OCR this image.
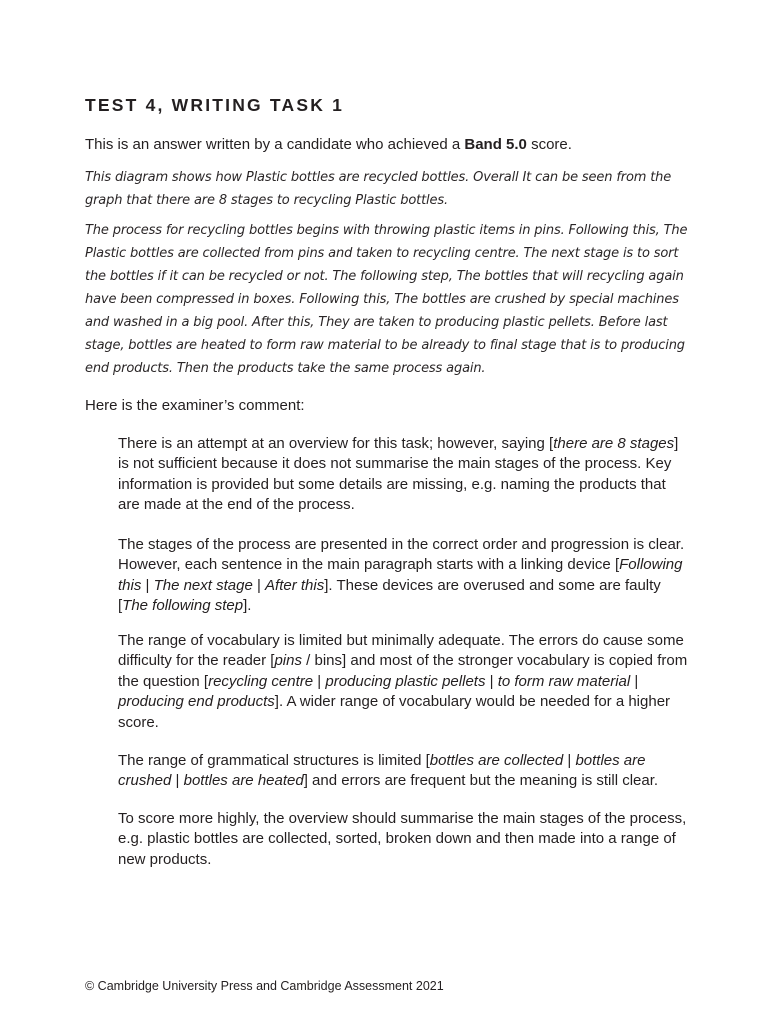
TEST 4, WRITING TASK 1

This is an answer written by a candidate who achieved a Band 5.0 score.

This diagram shows how Plastic bottles are recycled bottles. Overall It can be seen from the graph that there are 8 stages to recycling Plastic bottles.

The process for recycling bottles begins with throwing plastic items in pins. Following this, The Plastic bottles are collected from pins and taken to recycling centre. The next stage is to sort the bottles if it can be recycled or not. The following step, The bottles that will recycling again have been compressed in boxes. Following this, The bottles are crushed by special machines and washed in a big pool. After this, They are taken to producing plastic pellets. Before last stage, bottles are heated to form raw material to be already to final stage that is to producing end products. Then the products take the same process again.

Here is the examiner’s comment:

There is an attempt at an overview for this task; however, saying [there are 8 stages] is not sufficient because it does not summarise the main stages of the process. Key information is provided but some details are missing, e.g. naming the products that are made at the end of the process.

The stages of the process are presented in the correct order and progression is clear. However, each sentence in the main paragraph starts with a linking device [Following this | The next stage | After this]. These devices are overused and some are faulty [The following step].

The range of vocabulary is limited but minimally adequate. The errors do cause some difficulty for the reader [pins / bins] and most of the stronger vocabulary is copied from the question [recycling centre | producing plastic pellets | to form raw material | producing end products]. A wider range of vocabulary would be needed for a higher score.

The range of grammatical structures is limited [bottles are collected | bottles are crushed | bottles are heated] and errors are frequent but the meaning is still clear.

To score more highly, the overview should summarise the main stages of the process, e.g. plastic bottles are collected, sorted, broken down and then made into a range of new products.

© Cambridge University Press and Cambridge Assessment 2021
